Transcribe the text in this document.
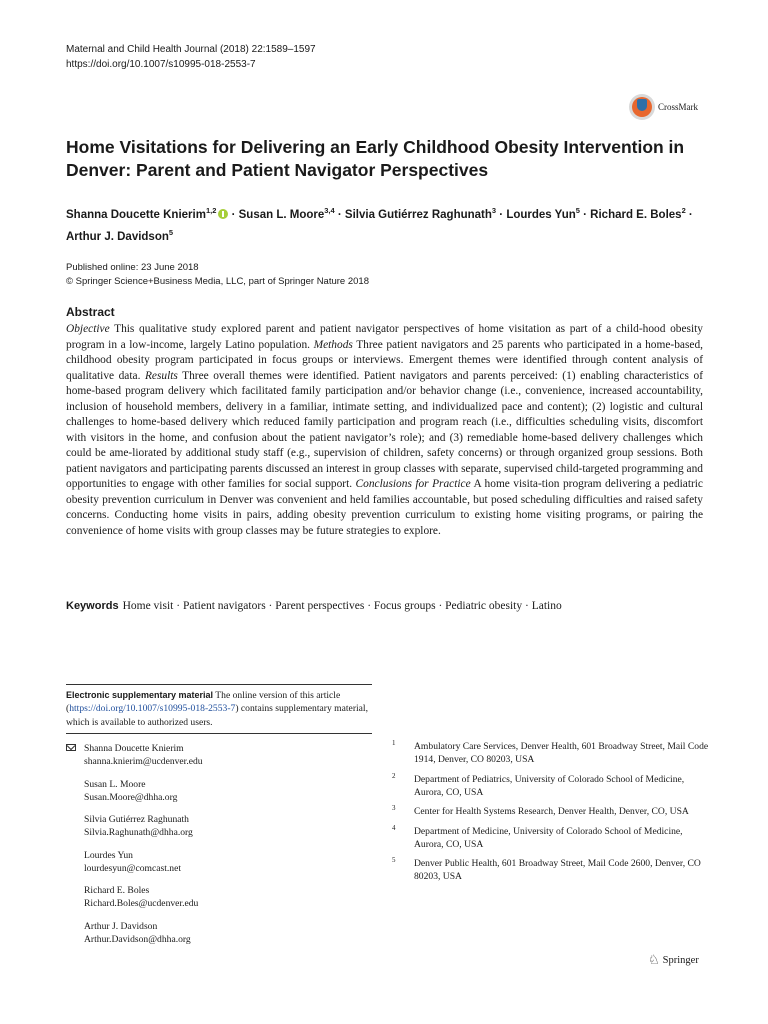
Maternal and Child Health Journal (2018) 22:1589–1597
https://doi.org/10.1007/s10995-018-2553-7
CrossMark
Home Visitations for Delivering an Early Childhood Obesity Intervention in Denver: Parent and Patient Navigator Perspectives
Shanna Doucette Knierim$^{1,2}$ · Susan L. Moore$^{3,4}$ · Silvia Gutiérrez Raghunath$^3$ · Lourdes Yun$^5$ · Richard E. Boles$^2$ ·
Arthur J. Davidson$^5$
Published online: 23 June 2018
© Springer Science+Business Media, LLC, part of Springer Nature 2018
Abstract
Objective This qualitative study explored parent and patient navigator perspectives of home visitation as part of a child-hood obesity program in a low-income, largely Latino population. Methods Three patient navigators and 25 parents who participated in a home-based, childhood obesity program participated in focus groups or interviews. Emergent themes were identified through content analysis of qualitative data. Results Three overall themes were identified. Patient navigators and parents perceived: (1) enabling characteristics of home-based program delivery which facilitated family participation and/or behavior change (i.e., convenience, increased accountability, inclusion of household members, delivery in a familiar, intimate setting, and individualized pace and content); (2) logistic and cultural challenges to home-based delivery which reduced family participation and program reach (i.e., difficulties scheduling visits, discomfort with visitors in the home, and confusion about the patient navigator’s role); and (3) remediable home-based delivery challenges which could be ame-liorated by additional study staff (e.g., supervision of children, safety concerns) or through organized group sessions. Both patient navigators and participating parents discussed an interest in group classes with separate, supervised child-targeted programming and opportunities to engage with other families for social support. Conclusions for Practice A home visita-tion program delivering a pediatric obesity prevention curriculum in Denver was convenient and held families accountable, but posed scheduling difficulties and raised safety concerns. Conducting home visits in pairs, adding obesity prevention curriculum to existing home visiting programs, or pairing the convenience of home visits with group classes may be future strategies to explore.
Keywords Home visit · Patient navigators · Parent perspectives · Focus groups · Pediatric obesity · Latino
Electronic supplementary material The online version of this article (https://doi.org/10.1007/s10995-018-2553-7) contains supplementary material, which is available to authorized users.
Shanna Doucette Knierim
shanna.knierim@ucdenver.edu
Susan L. Moore
Susan.Moore@dhha.org
Silvia Gutiérrez Raghunath
Silvia.Raghunath@dhha.org
Lourdes Yun
lourdesyun@comcast.net
Richard E. Boles
Richard.Boles@ucdenver.edu
Arthur J. Davidson
Arthur.Davidson@dhha.org
1 Ambulatory Care Services, Denver Health, 601 Broadway Street, Mail Code 1914, Denver, CO 80203, USA
2 Department of Pediatrics, University of Colorado School of Medicine, Aurora, CO, USA
3 Center for Health Systems Research, Denver Health, Denver, CO, USA
4 Department of Medicine, University of Colorado School of Medicine, Aurora, CO, USA
5 Denver Public Health, 601 Broadway Street, Mail Code 2600, Denver, CO 80203, USA
♘ Springer
